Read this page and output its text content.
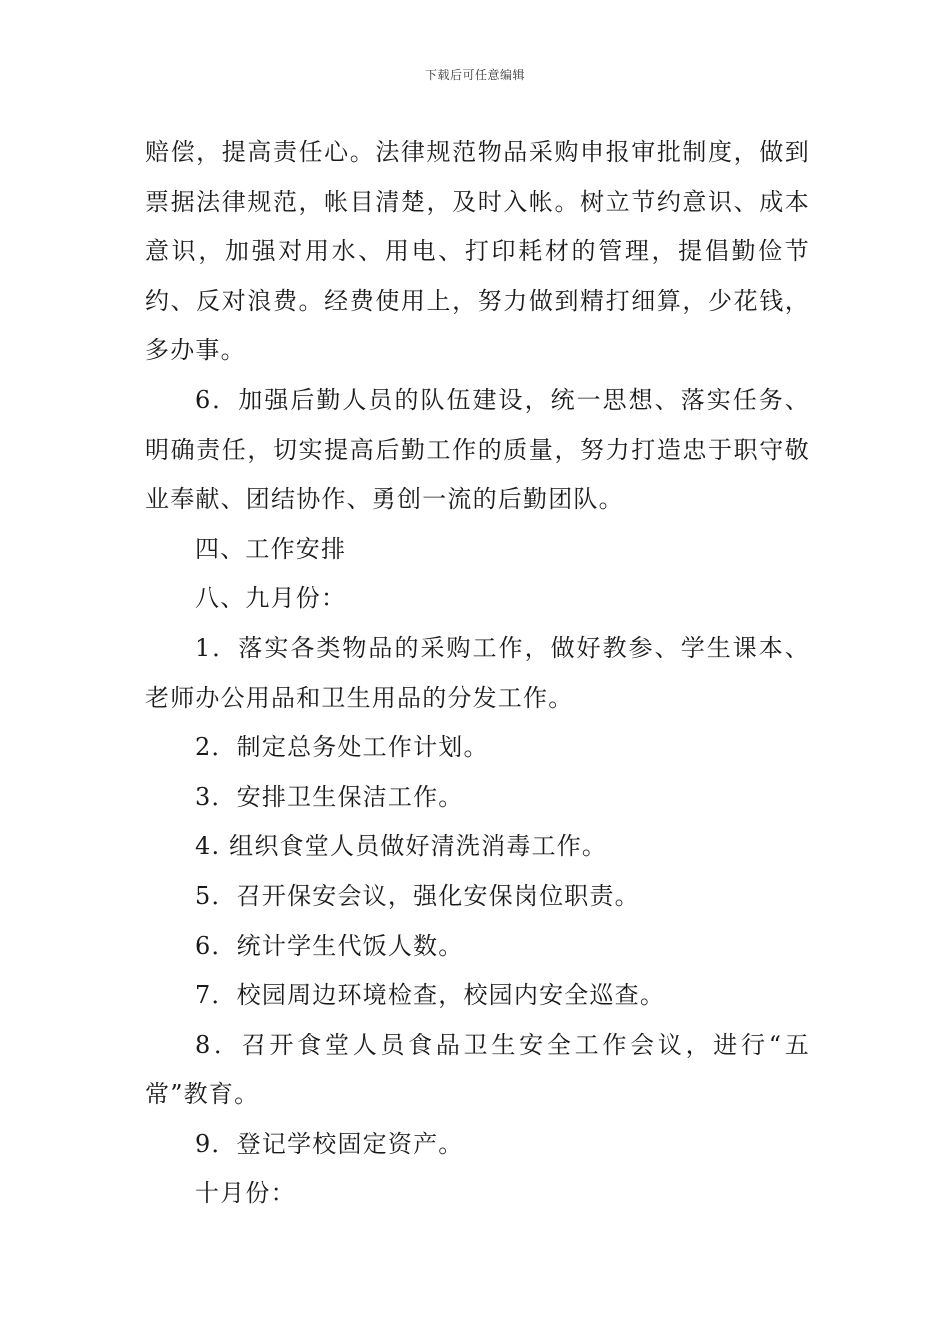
下载后可任意编辑

赔偿，提高责任心。法律规范物品采购申报审批制度，做到票据法律规范，帐目清楚，及时入帐。树立节约意识、成本意识，加强对用水、用电、打印耗材的管理，提倡勤俭节约、反对浪费。经费使用上，努力做到精打细算，少花钱，多办事。

6．加强后勤人员的队伍建设，统一思想、落实任务、明确责任，切实提高后勤工作的质量，努力打造忠于职守敬业奉献、团结协作、勇创一流的后勤团队。

四、工作安排

八、九月份：

1．落实各类物品的采购工作，做好教参、学生课本、老师办公用品和卫生用品的分发工作。

2．制定总务处工作计划。

3．安排卫生保洁工作。

4. 组织食堂人员做好清洗消毒工作。

5．召开保安会议，强化安保岗位职责。

6．统计学生代饭人数。

7．校园周边环境检查，校园内安全巡查。

8．召开食堂人员食品卫生安全工作会议，进行“五常”教育。

9．登记学校固定资产。

十月份：
